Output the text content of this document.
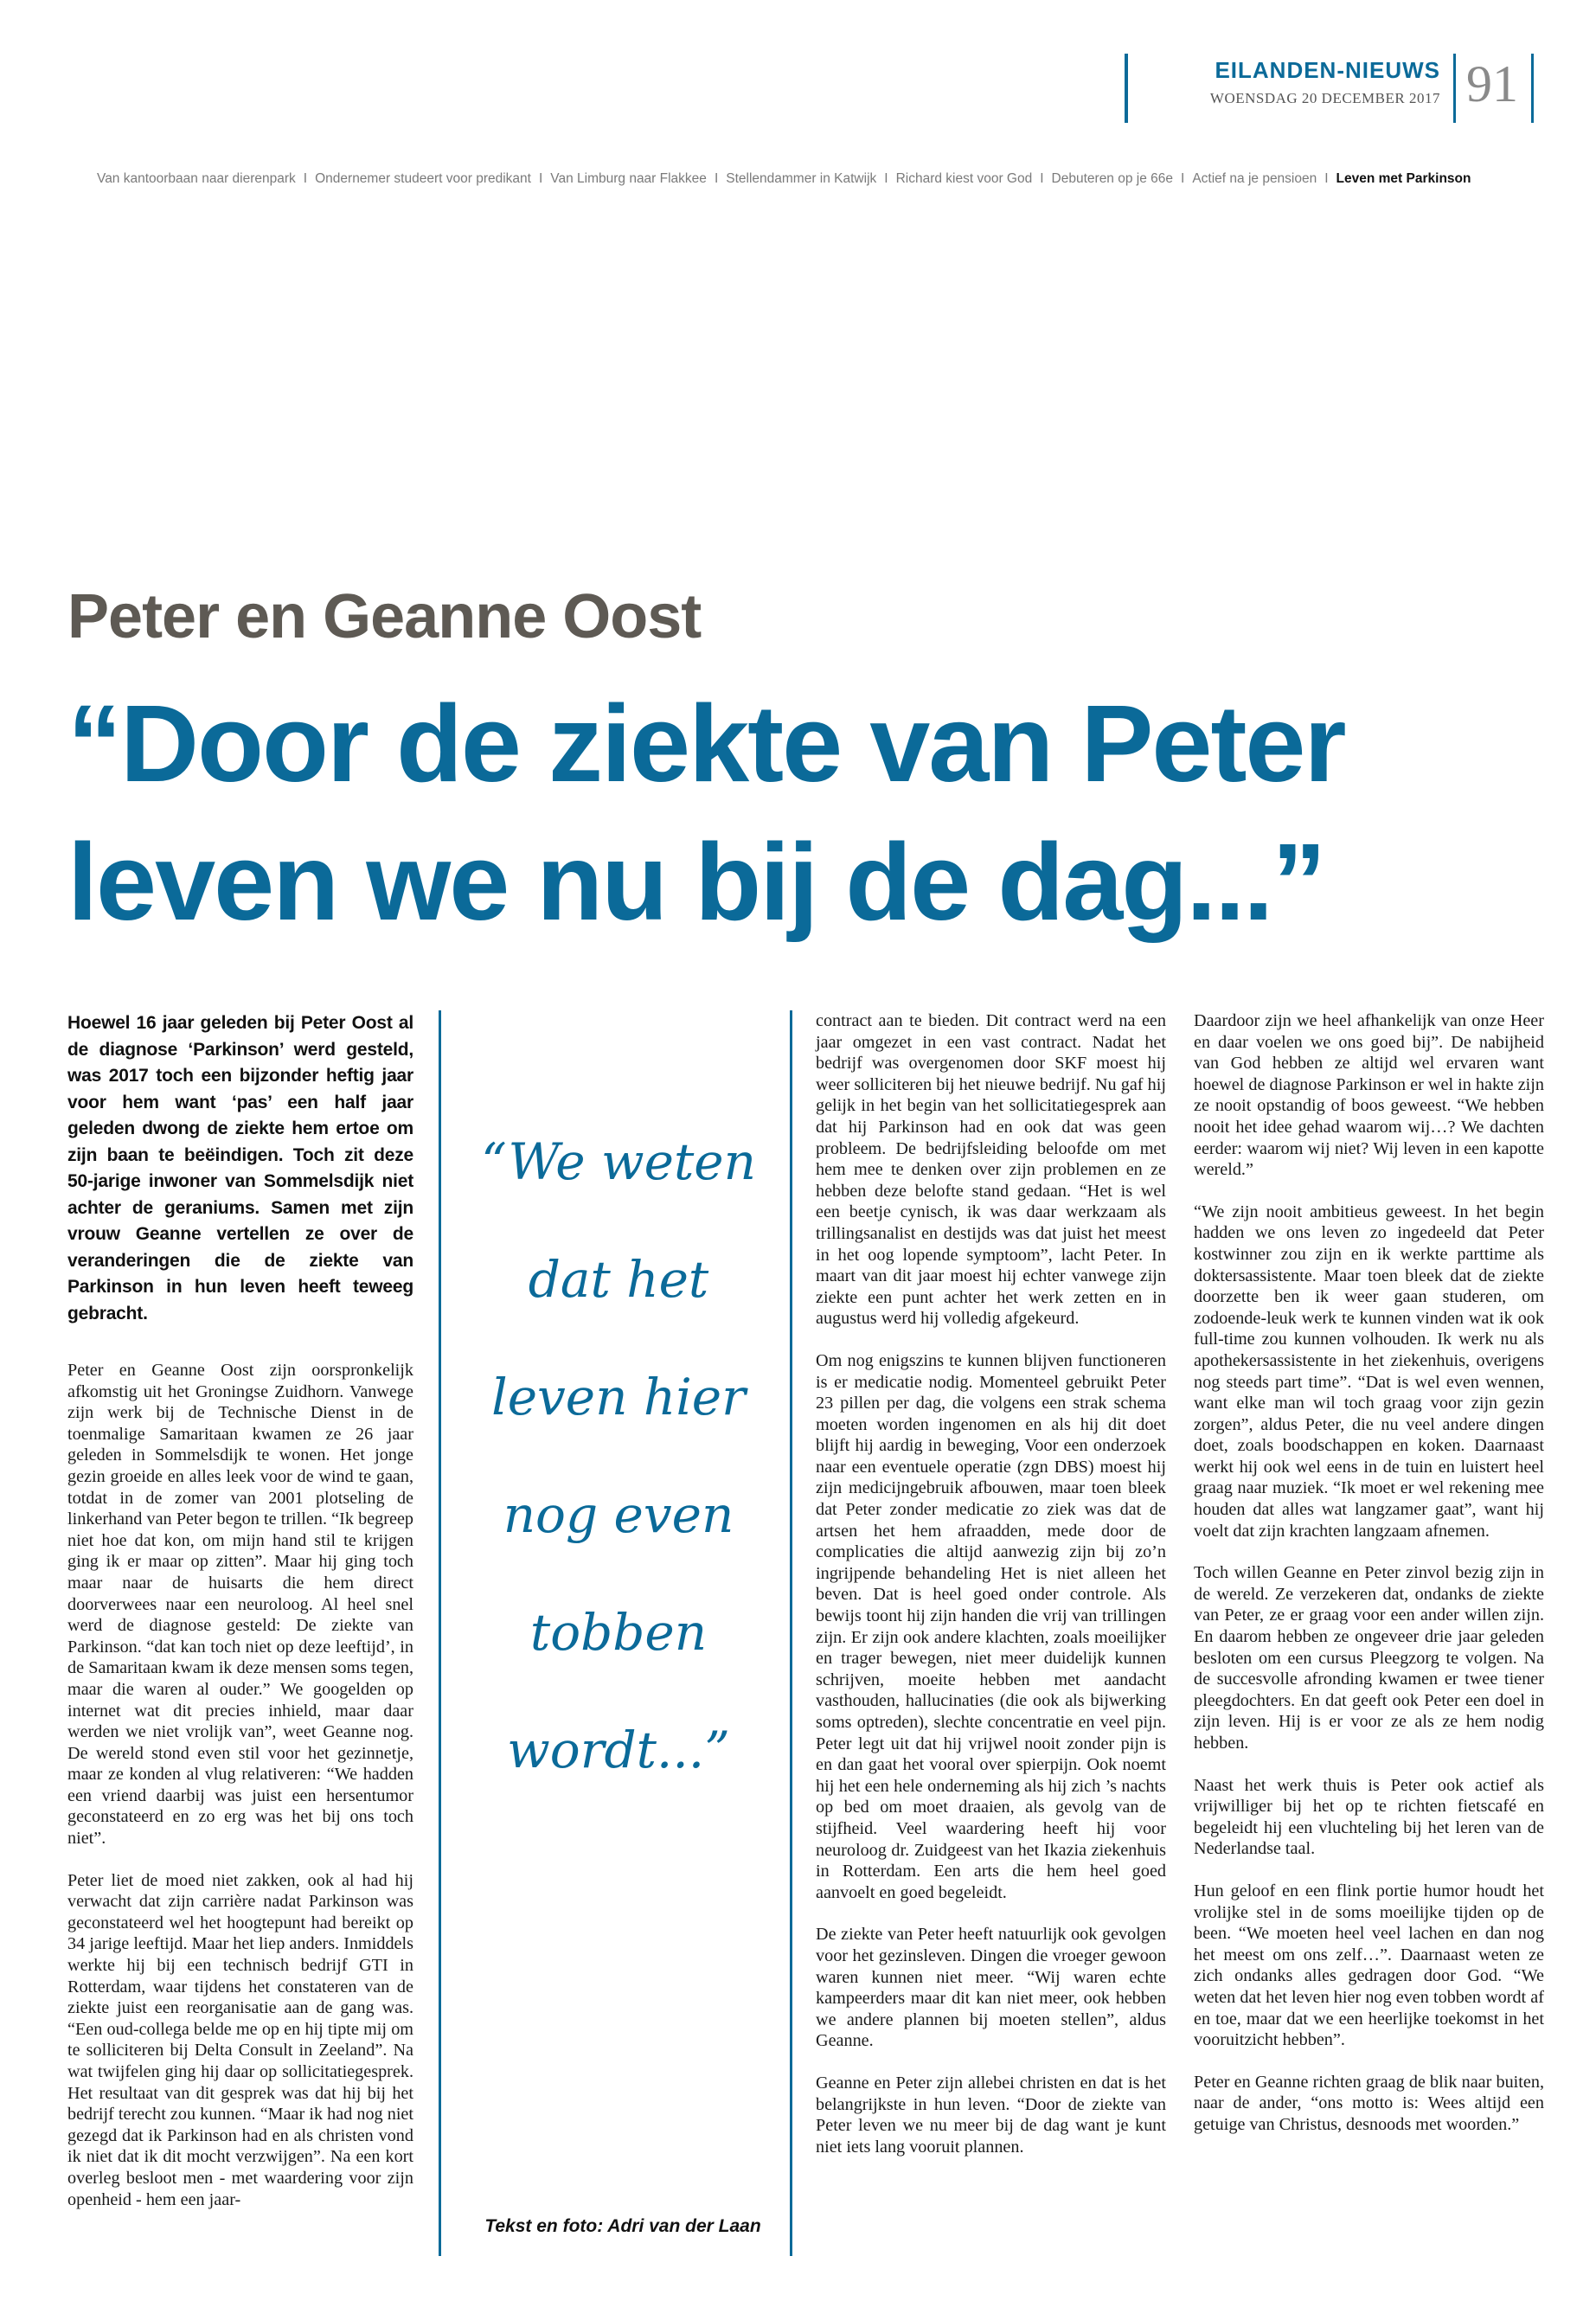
EILANDEN-NIEUWS
WOENSDAG 20 DECEMBER 2017 91
Van kantoorbaan naar dierenpark I Ondernemer studeert voor predikant I Van Limburg naar Flakkee I Stellendammer in Katwijk I Richard kiest voor God I Debuteren op je 66e I Actief na je pensioen I Leven met Parkinson
Peter en Geanne Oost
“Door de ziekte van Peter
leven we nu bij de dag...”

Hoewel 16 jaar geleden bij Peter Oost al de diagnose ‘Parkinson’ werd gesteld, was 2017 toch een bijzonder heftig jaar voor hem want ‘pas’ een half jaar geleden dwong de ziekte hem ertoe om zijn baan te beëindigen. Toch zit deze 50-jarige inwoner van Sommelsdijk niet achter de geraniums. Samen met zijn vrouw Geanne vertellen ze over de veranderingen die de ziekte van Parkinson in hun leven heeft teweeg gebracht.

Peter en Geanne Oost zijn oorspronkelijk afkomstig uit het Groningse Zuidhorn. Vanwege zijn werk bij de Technische Dienst in de toenmalige Samaritaan kwamen ze 26 jaar geleden in Sommelsdijk te wonen. Het jonge gezin groeide en alles leek voor de wind te gaan, totdat in de zomer van 2001 plotseling de linkerhand van Peter begon te trillen. “Ik begreep niet hoe dat kon, om mijn hand stil te krijgen ging ik er maar op zitten”. Maar hij ging toch maar naar de huisarts die hem direct doorverwees naar een neuroloog. Al heel snel werd de diagnose gesteld: De ziekte van Parkinson. “dat kan toch niet op deze leeftijd’, in de Samaritaan kwam ik deze mensen soms tegen, maar die waren al ouder.” We googelden op internet wat dit precies inhield, maar daar werden we niet vrolijk van”, weet Geanne nog. De wereld stond even stil voor het gezinnetje, maar ze konden al vlug relativeren: “We hadden een vriend daarbij was juist een hersentumor geconstateerd en zo erg was het bij ons toch niet”.

Peter liet de moed niet zakken, ook al had hij verwacht dat zijn carrière nadat Parkinson was geconstateerd wel het hoogtepunt had bereikt op 34 jarige leeftijd. Maar het liep anders. Inmiddels werkte hij bij een technisch bedrijf GTI in Rotterdam, waar tijdens het constateren van de ziekte juist een reorganisatie aan de gang was. “Een oud-collega belde me op en hij tipte mij om te solliciteren bij Delta Consult in Zeeland”. Na wat twijfelen ging hij daar op sollicitatiegesprek. Het resultaat van dit gesprek was dat hij bij het bedrijf terecht zou kunnen. “Maar ik had nog niet gezegd dat ik Parkinson had en als christen vond ik niet dat ik dit mocht verzwijgen”. Na een kort overleg besloot men - met waardering voor zijn openheid - hem een jaar-

“We weten
dat het
leven hier
nog even
tobben
wordt...”
Tekst en foto: Adri van der Laan

contract aan te bieden. Dit contract werd na een jaar omgezet in een vast contract. Nadat het bedrijf was overgenomen door SKF moest hij weer solliciteren bij het nieuwe bedrijf. Nu gaf hij gelijk in het begin van het sollicitatiegesprek aan dat hij Parkinson had en ook dat was geen probleem. De bedrijfsleiding beloofde om met hem mee te denken over zijn problemen en ze hebben deze belofte stand gedaan. “Het is wel een beetje cynisch, ik was daar werkzaam als trillingsanalist en destijds was dat juist het meest in het oog lopende symptoom”, lacht Peter. In maart van dit jaar moest hij echter vanwege zijn ziekte een punt achter het werk zetten en in augustus werd hij volledig afgekeurd.

Om nog enigszins te kunnen blijven functioneren is er medicatie nodig. Momenteel gebruikt Peter 23 pillen per dag, die volgens een strak schema moeten worden ingenomen en als hij dit doet blijft hij aardig in beweging, Voor een onderzoek naar een eventuele operatie (zgn DBS) moest hij zijn medicijngebruik afbouwen, maar toen bleek dat Peter zonder medicatie zo ziek was dat de artsen het hem afraadden, mede door de complicaties die altijd aanwezig zijn bij zo’n ingrijpende behandeling Het is niet alleen het beven. Dat is heel goed onder controle. Als bewijs toont hij zijn handen die vrij van trillingen zijn. Er zijn ook andere klachten, zoals moeilijker en trager bewegen, niet meer duidelijk kunnen schrijven, moeite hebben met aandacht vasthouden, hallucinaties (die ook als bijwerking soms optreden), slechte concentratie en veel pijn. Peter legt uit dat hij vrijwel nooit zonder pijn is en dan gaat het vooral over spierpijn. Ook noemt hij het een hele onderneming als hij zich ’s nachts op bed om moet draaien, als gevolg van de stijfheid. Veel waardering heeft hij voor neuroloog dr. Zuidgeest van het Ikazia ziekenhuis in Rotterdam. Een arts die hem heel goed aanvoelt en goed begeleidt.

De ziekte van Peter heeft natuurlijk ook gevolgen voor het gezinsleven. Dingen die vroeger gewoon waren kunnen niet meer. “Wij waren echte kampeerders maar dit kan niet meer, ook hebben we andere plannen bij moeten stellen”, aldus Geanne.

Geanne en Peter zijn allebei christen en dat is het belangrijkste in hun leven. “Door de ziekte van Peter leven we nu meer bij de dag want je kunt niet iets lang vooruit plannen.

Daardoor zijn we heel afhankelijk van onze Heer en daar voelen we ons goed bij”. De nabijheid van God hebben ze altijd wel ervaren want hoewel de diagnose Parkinson er wel in hakte zijn ze nooit opstandig of boos geweest. “We hebben nooit het idee gehad waarom wij…? We dachten eerder: waarom wij niet? Wij leven in een kapotte wereld.”

“We zijn nooit ambitieus geweest. In het begin hadden we ons leven zo ingedeeld dat Peter kostwinner zou zijn en ik werkte parttime als doktersassistente. Maar toen bleek dat de ziekte doorzette ben ik weer gaan studeren, om zodoende-leuk werk te kunnen vinden wat ik ook full-time zou kunnen volhouden. Ik werk nu als apothekersassistente in het ziekenhuis, overigens nog steeds part time”. “Dat is wel even wennen, want elke man wil toch graag voor zijn gezin zorgen”, aldus Peter, die nu veel andere dingen doet, zoals boodschappen en koken. Daarnaast werkt hij ook wel eens in de tuin en luistert heel graag naar muziek. “Ik moet er wel rekening mee houden dat alles wat langzamer gaat”, want hij voelt dat zijn krachten langzaam afnemen.

Toch willen Geanne en Peter zinvol bezig zijn in de wereld. Ze verzekeren dat, ondanks de ziekte van Peter, ze er graag voor een ander willen zijn. En daarom hebben ze ongeveer drie jaar geleden besloten om een cursus Pleegzorg te volgen. Na de succesvolle afronding kwamen er twee tiener pleegdochters. En dat geeft ook Peter een doel in zijn leven. Hij is er voor ze als ze hem nodig hebben.

Naast het werk thuis is Peter ook actief als vrijwilliger bij het op te richten fietscafé en begeleidt hij een vluchteling bij het leren van de Nederlandse taal.

Hun geloof en een flink portie humor houdt het vrolijke stel in de soms moeilijke tijden op de been. “We moeten heel veel lachen en dan nog het meest om ons zelf…”. Daarnaast weten ze zich ondanks alles gedragen door God. “We weten dat het leven hier nog even tobben wordt af en toe, maar dat we een heerlijke toekomst in het vooruitzicht hebben”.

Peter en Geanne richten graag de blik naar buiten, naar de ander, “ons motto is: Wees altijd een getuige van Christus, desnoods met woorden.”
